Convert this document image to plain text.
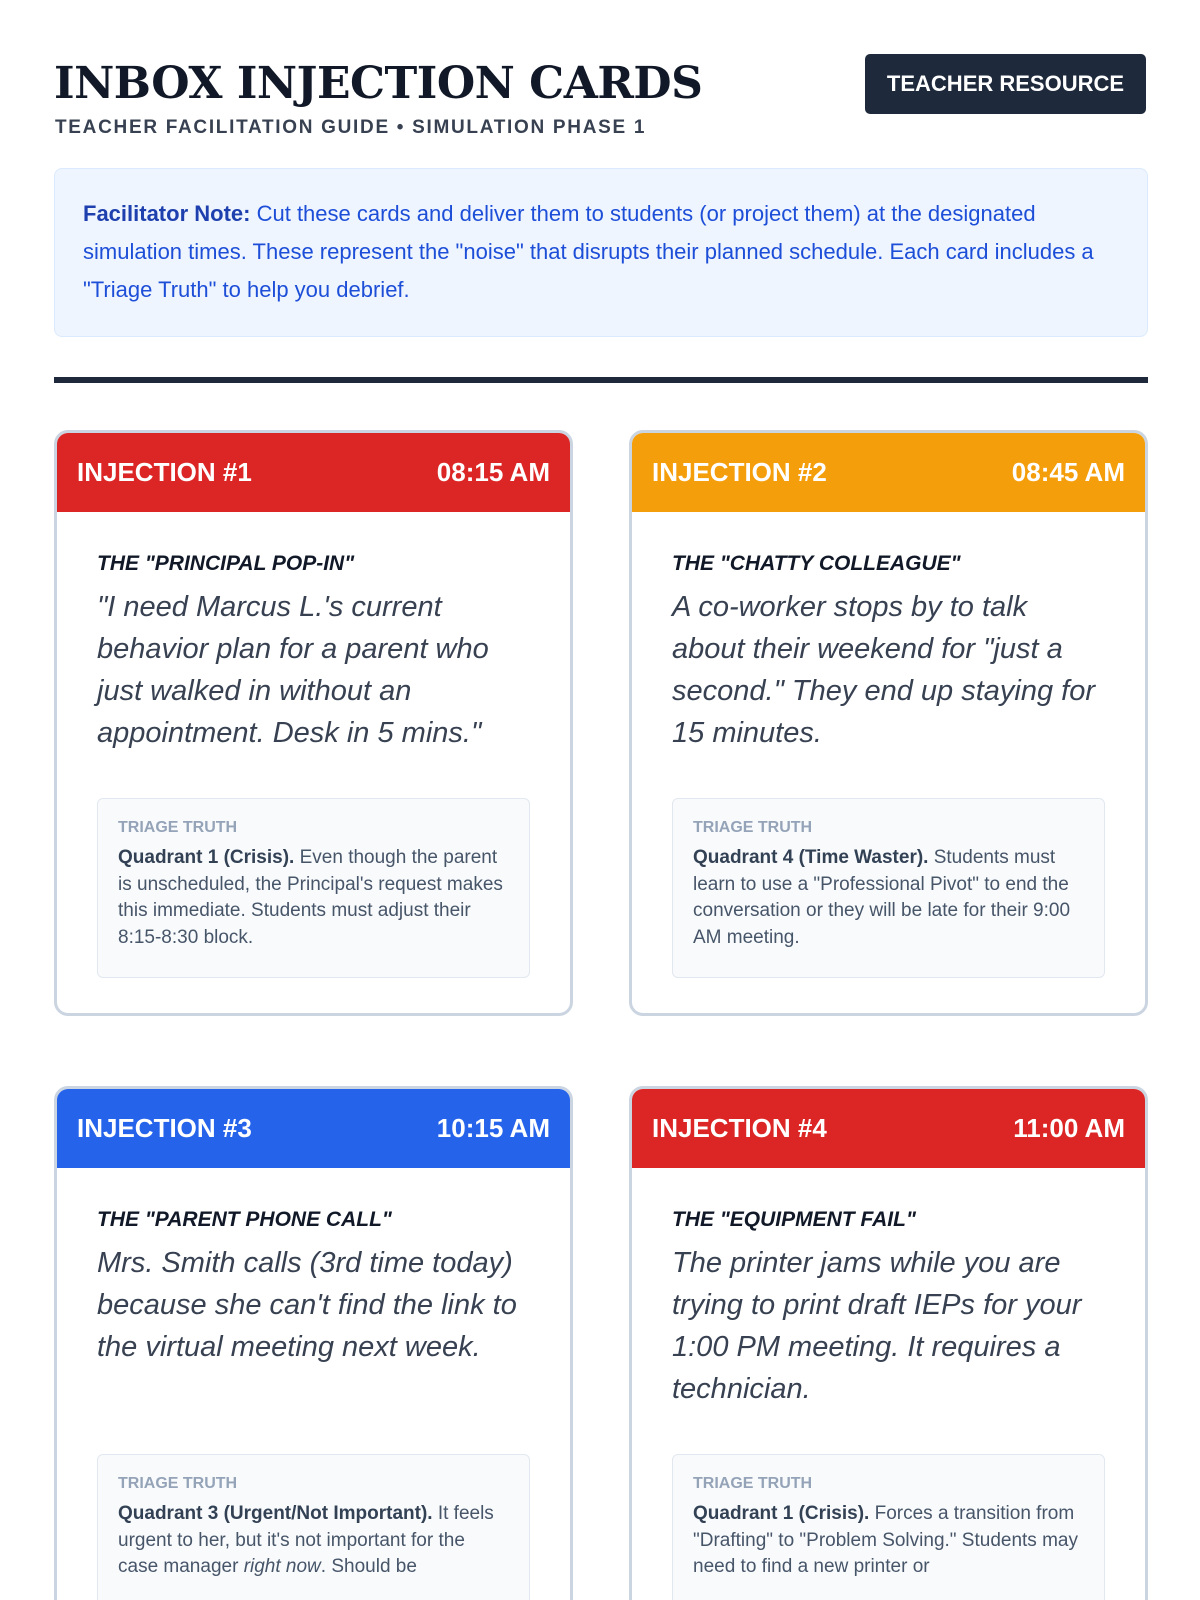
INBOX INJECTION CARDS
TEACHER FACILITATION GUIDE • SIMULATION PHASE 1
TEACHER RESOURCE
Facilitator Note: Cut these cards and deliver them to students (or project them) at the designated simulation times. These represent the "noise" that disrupts their planned schedule. Each card includes a "Triage Truth" to help you debrief.
INJECTION #1	08:15 AM
THE "PRINCIPAL POP-IN"
"I need Marcus L.'s current behavior plan for a parent who just walked in without an appointment. Desk in 5 mins."
TRIAGE TRUTH
Quadrant 1 (Crisis). Even though the parent is unscheduled, the Principal's request makes this immediate. Students must adjust their 8:15-8:30 block.
INJECTION #2	08:45 AM
THE "CHATTY COLLEAGUE"
A co-worker stops by to talk about their weekend for "just a second." They end up staying for 15 minutes.
TRIAGE TRUTH
Quadrant 4 (Time Waster). Students must learn to use a "Professional Pivot" to end the conversation or they will be late for their 9:00 AM meeting.
INJECTION #3	10:15 AM
THE "PARENT PHONE CALL"
Mrs. Smith calls (3rd time today) because she can't find the link to the virtual meeting next week.
TRIAGE TRUTH
Quadrant 3 (Urgent/Not Important). It feels urgent to her, but it's not important for the case manager right now. Should be
INJECTION #4	11:00 AM
THE "EQUIPMENT FAIL"
The printer jams while you are trying to print draft IEPs for your 1:00 PM meeting. It requires a technician.
TRIAGE TRUTH
Quadrant 1 (Crisis). Forces a transition from "Drafting" to "Problem Solving." Students may need to find a new printer or
